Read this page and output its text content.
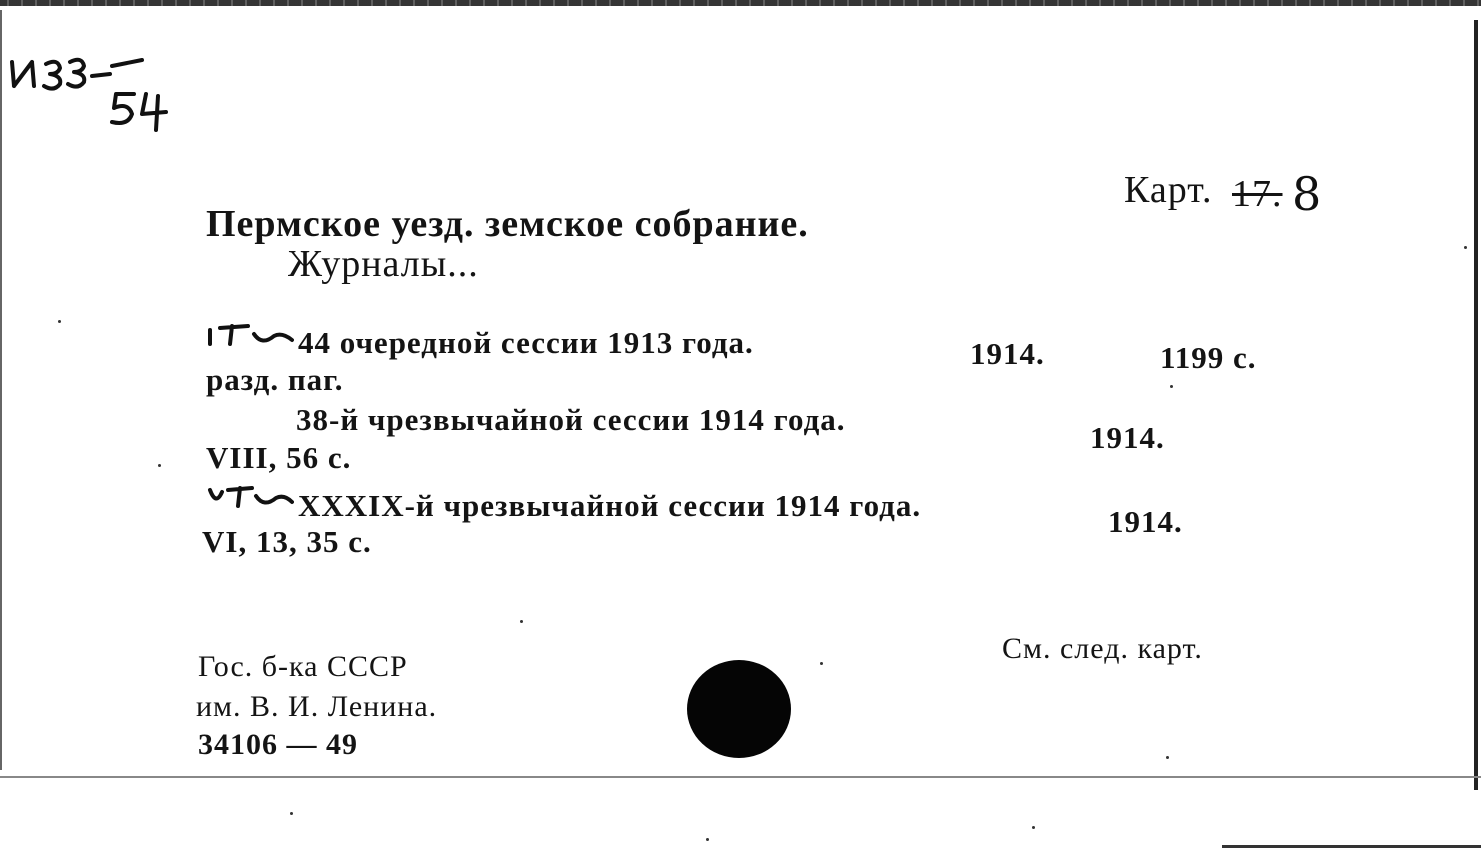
Карт. 17. 8
Пермское уезд. земское собрание.
Журналы...
44 очередной сессии 1913 года.	1914.	1199 с.
разд. паг.
38-й чрезвычайной сессии 1914 года.
1914.
VIII, 56 с.
XXXIX-й чрезвычайной сессии 1914 года.	1914.
VI, 13, 35 с.
Гос. б-ка СССР
им. В. И. Ленина.
34106 — 49
См. след. карт.
